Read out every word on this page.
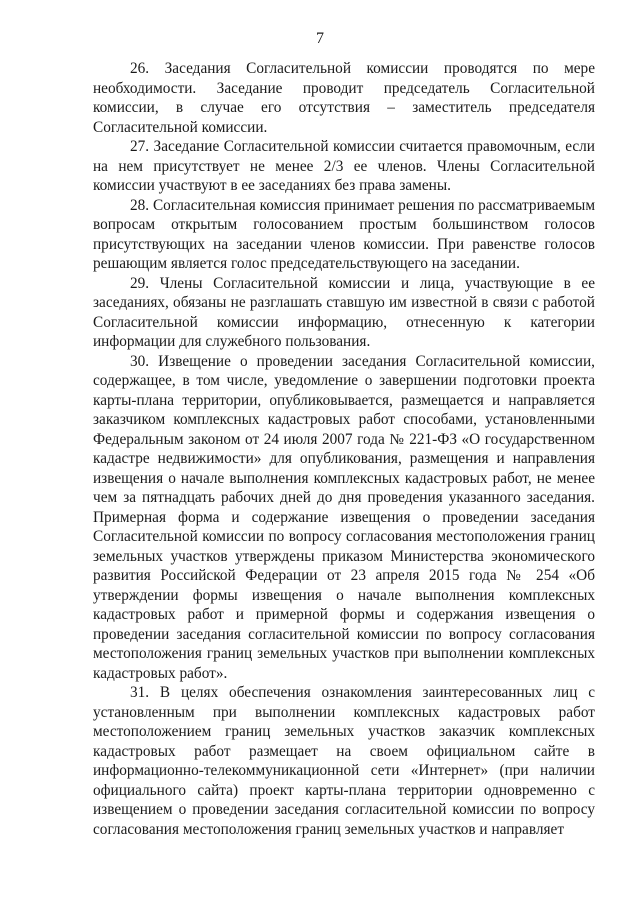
7

26. Заседания Согласительной комиссии проводятся по мере необходимости. Заседание проводит председатель Согласительной комиссии, в случае его отсутствия – заместитель председателя Согласительной комиссии.

27. Заседание Согласительной комиссии считается правомочным, если на нем присутствует не менее 2/3 ее членов. Члены Согласительной комиссии участвуют в ее заседаниях без права замены.

28. Согласительная комиссия принимает решения по рассматриваемым вопросам открытым голосованием простым большинством голосов присутствующих на заседании членов комиссии. При равенстве голосов решающим является голос председательствующего на заседании.

29. Члены Согласительной комиссии и лица, участвующие в ее заседаниях, обязаны не разглашать ставшую им известной в связи с работой Согласительной комиссии информацию, отнесенную к категории информации для служебного пользования.

30. Извещение о проведении заседания Согласительной комиссии, содержащее, в том числе, уведомление о завершении подготовки проекта карты-плана территории, опубликовывается, размещается и направляется заказчиком комплексных кадастровых работ способами, установленными Федеральным законом от 24 июля 2007 года № 221-ФЗ «О государственном кадастре недвижимости» для опубликования, размещения и направления извещения о начале выполнения комплексных кадастровых работ, не менее чем за пятнадцать рабочих дней до дня проведения указанного заседания. Примерная форма и содержание извещения о проведении заседания Согласительной комиссии по вопросу согласования местоположения границ земельных участков утверждены приказом Министерства экономического развития Российской Федерации от 23 апреля 2015 года № 254 «Об утверждении формы извещения о начале выполнения комплексных кадастровых работ и примерной формы и содержания извещения о проведении заседания согласительной комиссии по вопросу согласования местоположения границ земельных участков при выполнении комплексных кадастровых работ».

31. В целях обеспечения ознакомления заинтересованных лиц с установленным при выполнении комплексных кадастровых работ местоположением границ земельных участков заказчик комплексных кадастровых работ размещает на своем официальном сайте в информационно-телекоммуникационной сети «Интернет» (при наличии официального сайта) проект карты-плана территории одновременно с извещением о проведении заседания согласительной комиссии по вопросу согласования местоположения границ земельных участков и направляет
